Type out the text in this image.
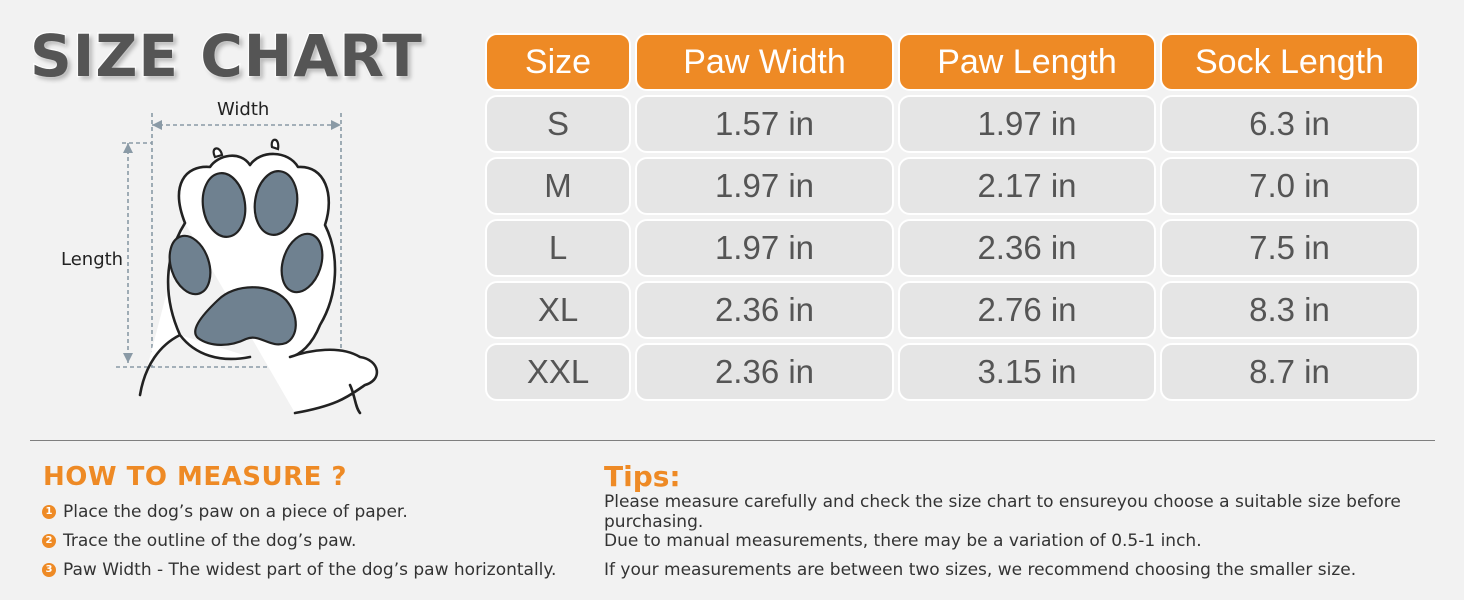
SIZE CHART
Width
Length
Size	Paw Width	Paw Length	Sock Length
S	1.57 in	1.97 in	6.3 in
M	1.97 in	2.17 in	7.0 in
L	1.97 in	2.36 in	7.5 in
XL	2.36 in	2.76 in	8.3 in
XXL	2.36 in	3.15 in	8.7 in
HOW TO MEASURE ?
1 Place the dog’s paw on a piece of paper.
2 Trace the outline of the dog’s paw.
3 Paw Width - The widest part of the dog’s paw horizontally.
Tips:
Please measure carefully and check the size chart to ensureyou choose a suitable size before purchasing.
Due to manual measurements, there may be a variation of 0.5-1 inch.
If your measurements are between two sizes, we recommend choosing the smaller size.
